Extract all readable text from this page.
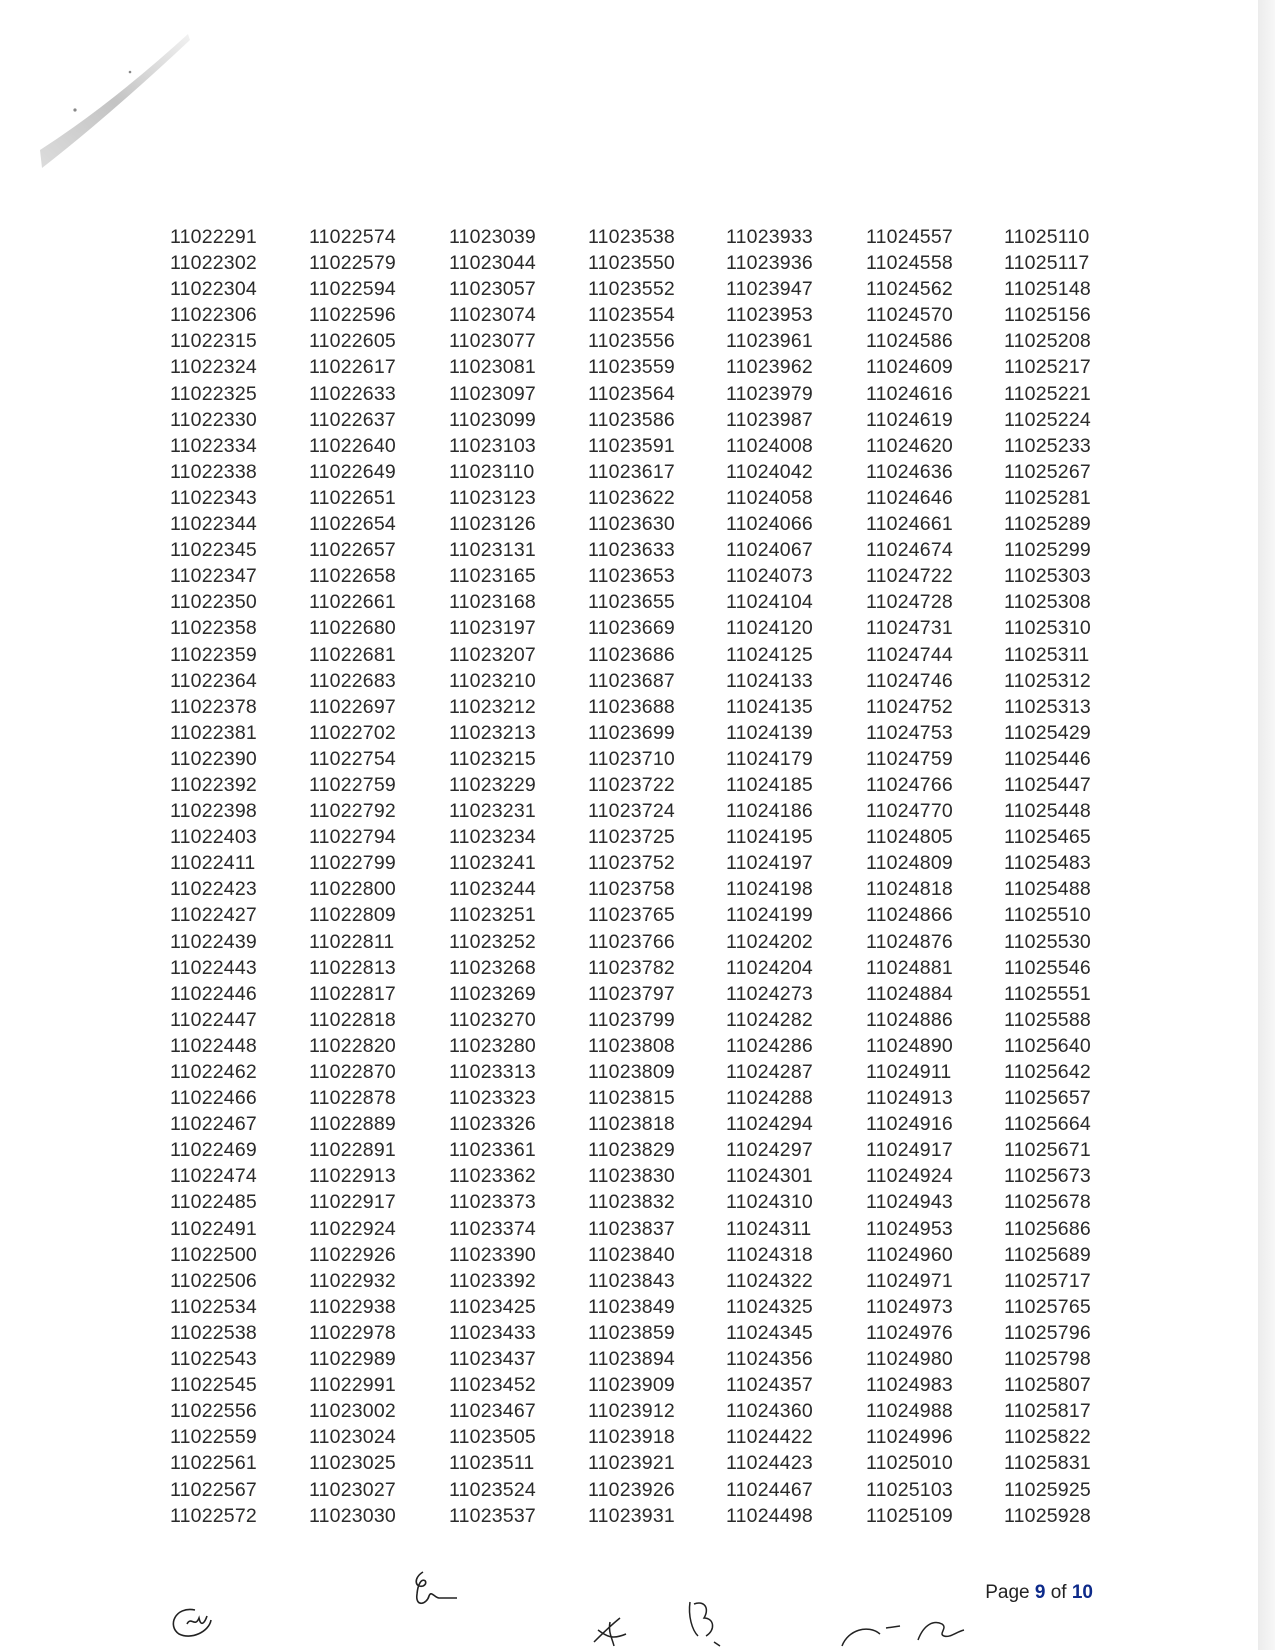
11022291
11022302
11022304
11022306
11022315
11022324
11022325
11022330
11022334
11022338
11022343
11022344
11022345
11022347
11022350
11022358
11022359
11022364
11022378
11022381
11022390
11022392
11022398
11022403
11022411
11022423
11022427
11022439
11022443
11022446
11022447
11022448
11022462
11022466
11022467
11022469
11022474
11022485
11022491
11022500
11022506
11022534
11022538
11022543
11022545
11022556
11022559
11022561
11022567
11022572
11022574
11022579
11022594
11022596
11022605
11022617
11022633
11022637
11022640
11022649
11022651
11022654
11022657
11022658
11022661
11022680
11022681
11022683
11022697
11022702
11022754
11022759
11022792
11022794
11022799
11022800
11022809
11022811
11022813
11022817
11022818
11022820
11022870
11022878
11022889
11022891
11022913
11022917
11022924
11022926
11022932
11022938
11022978
11022989
11022991
11023002
11023024
11023025
11023027
11023030
11023039
11023044
11023057
11023074
11023077
11023081
11023097
11023099
11023103
11023110
11023123
11023126
11023131
11023165
11023168
11023197
11023207
11023210
11023212
11023213
11023215
11023229
11023231
11023234
11023241
11023244
11023251
11023252
11023268
11023269
11023270
11023280
11023313
11023323
11023326
11023361
11023362
11023373
11023374
11023390
11023392
11023425
11023433
11023437
11023452
11023467
11023505
11023511
11023524
11023537
11023538
11023550
11023552
11023554
11023556
11023559
11023564
11023586
11023591
11023617
11023622
11023630
11023633
11023653
11023655
11023669
11023686
11023687
11023688
11023699
11023710
11023722
11023724
11023725
11023752
11023758
11023765
11023766
11023782
11023797
11023799
11023808
11023809
11023815
11023818
11023829
11023830
11023832
11023837
11023840
11023843
11023849
11023859
11023894
11023909
11023912
11023918
11023921
11023926
11023931
11023933
11023936
11023947
11023953
11023961
11023962
11023979
11023987
11024008
11024042
11024058
11024066
11024067
11024073
11024104
11024120
11024125
11024133
11024135
11024139
11024179
11024185
11024186
11024195
11024197
11024198
11024199
11024202
11024204
11024273
11024282
11024286
11024287
11024288
11024294
11024297
11024301
11024310
11024311
11024318
11024322
11024325
11024345
11024356
11024357
11024360
11024422
11024423
11024467
11024498
11024557
11024558
11024562
11024570
11024586
11024609
11024616
11024619
11024620
11024636
11024646
11024661
11024674
11024722
11024728
11024731
11024744
11024746
11024752
11024753
11024759
11024766
11024770
11024805
11024809
11024818
11024866
11024876
11024881
11024884
11024886
11024890
11024911
11024913
11024916
11024917
11024924
11024943
11024953
11024960
11024971
11024973
11024976
11024980
11024983
11024988
11024996
11025010
11025103
11025109
11025110
11025117
11025148
11025156
11025208
11025217
11025221
11025224
11025233
11025267
11025281
11025289
11025299
11025303
11025308
11025310
11025311
11025312
11025313
11025429
11025446
11025447
11025448
11025465
11025483
11025488
11025510
11025530
11025546
11025551
11025588
11025640
11025642
11025657
11025664
11025671
11025673
11025678
11025686
11025689
11025717
11025765
11025796
11025798
11025807
11025817
11025822
11025831
11025925
11025928
Page 9 of 10
